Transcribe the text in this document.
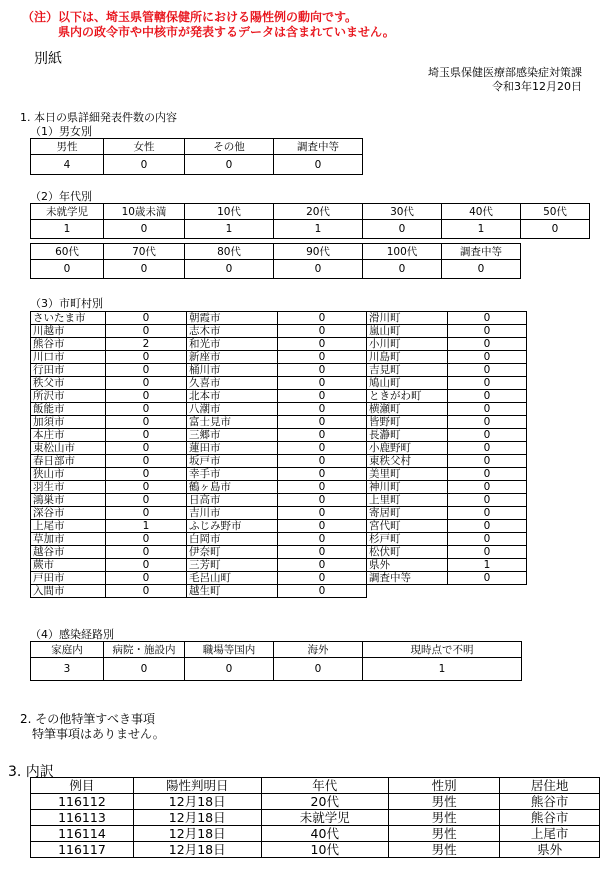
（注）以下は、埼玉県管轄保健所における陽性例の動向です。
県内の政令市や中核市が発表するデータは含まれていません。
別紙
埼玉県保健医療部感染症対策課
令和3年12月20日
1. 本日の県詳細発表件数の内容
（1）男女別
男性	女性	その他	調査中等
4	0	0	0
（2）年代別
未就学児	10歳未満	10代	20代	30代	40代	50代
1	0	1	1	0	1	0
60代	70代	80代	90代	100代	調査中等
0	0	0	0	0	0
（3）市町村別
さいたま市	0	朝霞市	0	滑川町	0
川越市	0	志木市	0	嵐山町	0
熊谷市	2	和光市	0	小川町	0
川口市	0	新座市	0	川島町	0
行田市	0	桶川市	0	吉見町	0
秩父市	0	久喜市	0	鳩山町	0
所沢市	0	北本市	0	ときがわ町	0
飯能市	0	八潮市	0	横瀬町	0
加須市	0	富士見市	0	皆野町	0
本庄市	0	三郷市	0	長瀞町	0
東松山市	0	蓮田市	0	小鹿野町	0
春日部市	0	坂戸市	0	東秩父村	0
狭山市	0	幸手市	0	美里町	0
羽生市	0	鶴ヶ島市	0	神川町	0
鴻巣市	0	日高市	0	上里町	0
深谷市	0	吉川市	0	寄居町	0
上尾市	1	ふじみ野市	0	宮代町	0
草加市	0	白岡市	0	杉戸町	0
越谷市	0	伊奈町	0	松伏町	0
蕨市	0	三芳町	0	県外	1
戸田市	0	毛呂山町	0	調査中等	0
入間市	0	越生町	0		
（4）感染経路別
家庭内	病院・施設内	職場等国内	海外	現時点で不明
3	0	0	0	1
2. その他特筆すべき事項
特筆事項はありません。
3. 内訳
例目	陽性判明日	年代	性別	居住地
116112	12月18日	20代	男性	熊谷市
116113	12月18日	未就学児	男性	熊谷市
116114	12月18日	40代	男性	上尾市
116117	12月18日	10代	男性	県外
